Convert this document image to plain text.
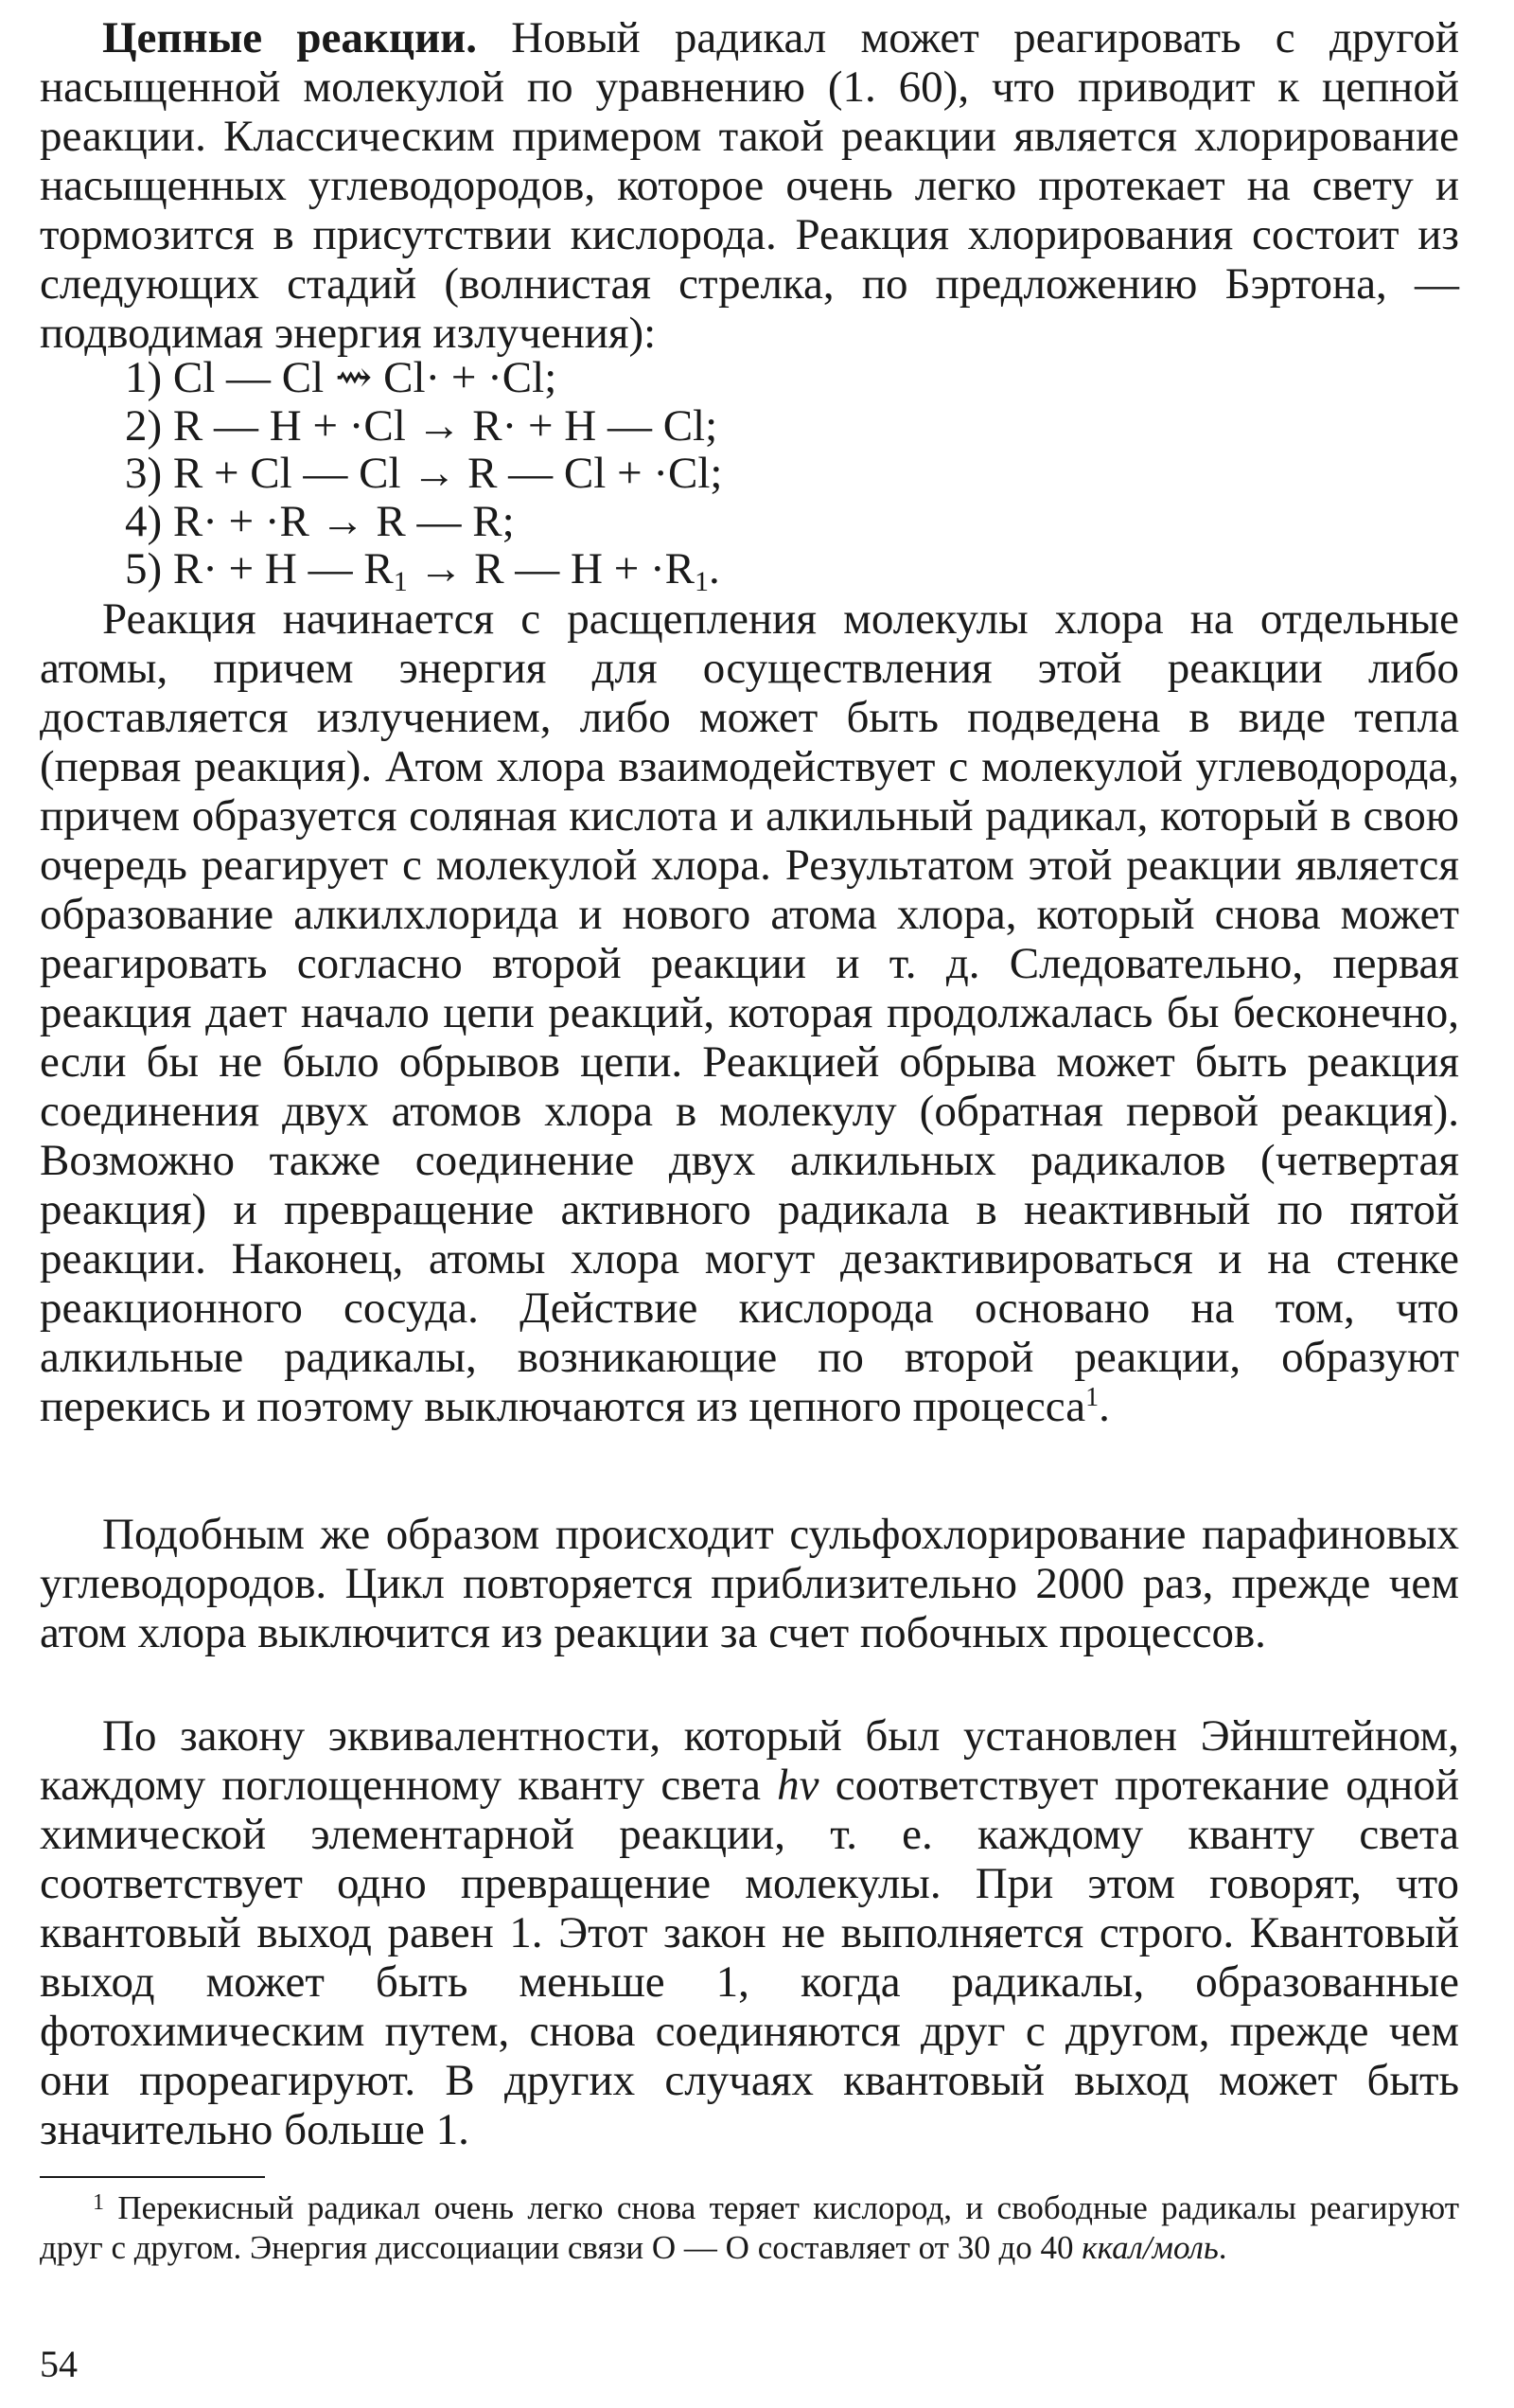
Цепные реакции. Новый радикал может реагировать с другой насыщенной молекулой по уравнению (1. 60), что приводит к цепной реакции. Классическим примером такой реакции является хлорирование насыщенных углеводородов, которое очень легко протекает на свету и тормозится в присутствии кислорода. Реакция хлорирования состоит из следующих стадий (волнистая стрелка, по предложению Бэртона, — подводимая энергия излучения):
1) Cl — Cl ⇝ Cl· + ·Cl;
2) R — H + ·Cl → R· + H — Cl;
3) R + Cl — Cl → R — Cl + ·Cl;
4) R· + ·R → R — R;
5) R· + H — $R_1 \to R$ — $H + \cdot R_1$.
Реакция начинается с расщепления молекулы хлора на отдельные атомы, причем энергия для осуществления этой реакции либо доставляется излучением, либо может быть подведена в виде тепла (первая реакция). Атом хлора взаимодействует с молекулой углеводорода, причем образуется соляная кислота и алкильный радикал, который в свою очередь реагирует с молекулой хлора. Результатом этой реакции является образование алкилхлорида и нового атома хлора, который снова может реагировать согласно второй реакции и т. д. Следовательно, первая реакция дает начало цепи реакций, которая продолжалась бы бесконечно, если бы не было обрывов цепи. Реакцией обрыва может быть реакция соединения двух атомов хлора в молекулу (обратная первой реакция). Возможно также соединение двух алкильных радикалов (четвертая реакция) и превращение активного радикала в неактивный по пятой реакции. Наконец, атомы хлора могут дезактивироваться и на стенке реакционного сосуда. Действие кислорода основано на том, что алкильные радикалы, возникающие по второй реакции, образуют перекись и поэтому выключаются из цепного процесса$^1$.
Подобным же образом происходит сульфохлорирование парафиновых углеводородов. Цикл повторяется приблизительно 2000 раз, прежде чем атом хлора выключится из реакции за счет побочных процессов.
По закону эквивалентности, который был установлен Эйнштейном, каждому поглощенному кванту света hν соответствует протекание одной химической элементарной реакции, т. е. каждому кванту света соответствует одно превращение молекулы. При этом говорят, что квантовый выход равен 1. Этот закон не выполняется строго. Квантовый выход может быть меньше 1, когда радикалы, образованные фотохимическим путем, снова соединяются друг с другом, прежде чем они прореагируют. В других случаях квантовый выход может быть значительно больше 1.
$^1$ Перекисный радикал очень легко снова теряет кислород, и свободные радикалы реагируют друг с другом. Энергия диссоциации связи О — О составляет от 30 до 40 ккал/моль.
54
